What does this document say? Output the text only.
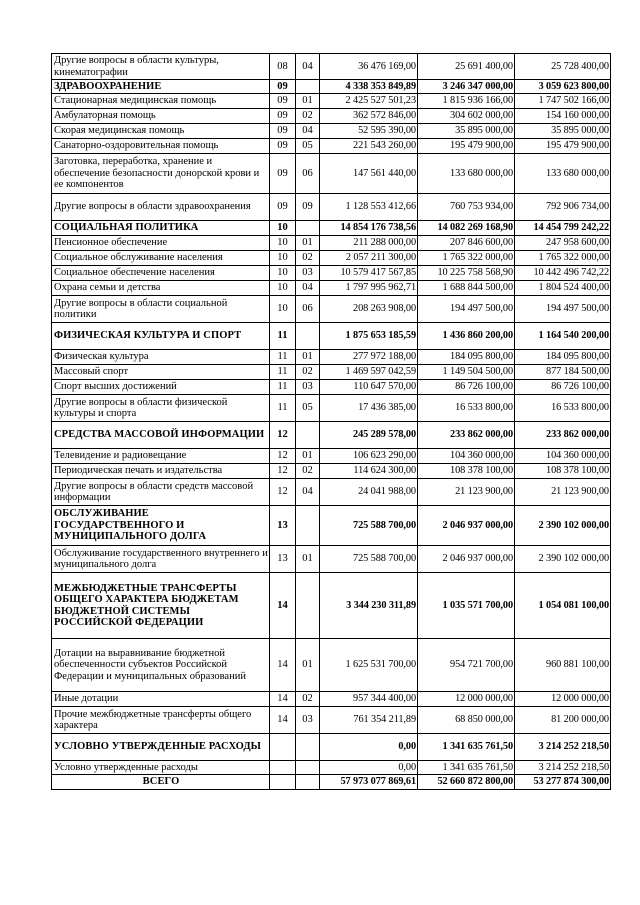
Другие вопросы в области культуры, кинематографии	08	04	36 476 169,00	25 691 400,00	25 728 400,00
ЗДРАВООХРАНЕНИЕ	09		4 338 353 849,89	3 246 347 000,00	3 059 623 800,00
Стационарная медицинская помощь	09	01	2 425 527 501,23	1 815 936 166,00	1 747 502 166,00
Амбулаторная помощь	09	02	362 572 846,00	304 602 000,00	154 160 000,00
Скорая медицинская помощь	09	04	52 595 390,00	35 895 000,00	35 895 000,00
Санаторно-оздоровительная помощь	09	05	221 543 260,00	195 479 900,00	195 479 900,00
Заготовка, переработка, хранение и обеспечение безопасности донорской крови и ее компонентов	09	06	147 561 440,00	133 680 000,00	133 680 000,00
Другие вопросы в области здравоохранения	09	09	1 128 553 412,66	760 753 934,00	792 906 734,00
СОЦИАЛЬНАЯ ПОЛИТИКА	10		14 854 176 738,56	14 082 269 168,90	14 454 799 242,22
Пенсионное обеспечение	10	01	211 288 000,00	207 846 600,00	247 958 600,00
Социальное обслуживание населения	10	02	2 057 211 300,00	1 765 322 000,00	1 765 322 000,00
Социальное обеспечение населения	10	03	10 579 417 567,85	10 225 758 568,90	10 442 496 742,22
Охрана семьи и детства	10	04	1 797 995 962,71	1 688 844 500,00	1 804 524 400,00
Другие вопросы в области социальной политики	10	06	208 263 908,00	194 497 500,00	194 497 500,00
ФИЗИЧЕСКАЯ КУЛЬТУРА И СПОРТ	11		1 875 653 185,59	1 436 860 200,00	1 164 540 200,00
Физическая культура	11	01	277 972 188,00	184 095 800,00	184 095 800,00
Массовый спорт	11	02	1 469 597 042,59	1 149 504 500,00	877 184 500,00
Спорт высших достижений	11	03	110 647 570,00	86 726 100,00	86 726 100,00
Другие вопросы в области физической культуры и спорта	11	05	17 436 385,00	16 533 800,00	16 533 800,00
СРЕДСТВА МАССОВОЙ ИНФОРМАЦИИ	12		245 289 578,00	233 862 000,00	233 862 000,00
Телевидение и радиовещание	12	01	106 623 290,00	104 360 000,00	104 360 000,00
Периодическая печать и издательства	12	02	114 624 300,00	108 378 100,00	108 378 100,00
Другие вопросы в области средств массовой информации	12	04	24 041 988,00	21 123 900,00	21 123 900,00
ОБСЛУЖИВАНИЕ ГОСУДАРСТВЕННОГО И МУНИЦИПАЛЬНОГО ДОЛГА	13		725 588 700,00	2 046 937 000,00	2 390 102 000,00
Обслуживание государственного внутреннего и муниципального долга	13	01	725 588 700,00	2 046 937 000,00	2 390 102 000,00
МЕЖБЮДЖЕТНЫЕ ТРАНСФЕРТЫ ОБЩЕГО ХАРАКТЕРА БЮДЖЕТАМ БЮДЖЕТНОЙ СИСТЕМЫ РОССИЙСКОЙ ФЕДЕРАЦИИ	14		3 344 230 311,89	1 035 571 700,00	1 054 081 100,00
Дотации на выравнивание бюджетной обеспеченности субъектов Российской Федерации и муниципальных образований	14	01	1 625 531 700,00	954 721 700,00	960 881 100,00
Иные дотации	14	02	957 344 400,00	12 000 000,00	12 000 000,00
Прочие межбюджетные трансферты общего характера	14	03	761 354 211,89	68 850 000,00	81 200 000,00
УСЛОВНО УТВЕРЖДЕННЫЕ РАСХОДЫ			0,00	1 341 635 761,50	3 214 252 218,50
Условно утвержденные расходы			0,00	1 341 635 761,50	3 214 252 218,50
ВСЕГО			57 973 077 869,61	52 660 872 800,00	53 277 874 300,00
